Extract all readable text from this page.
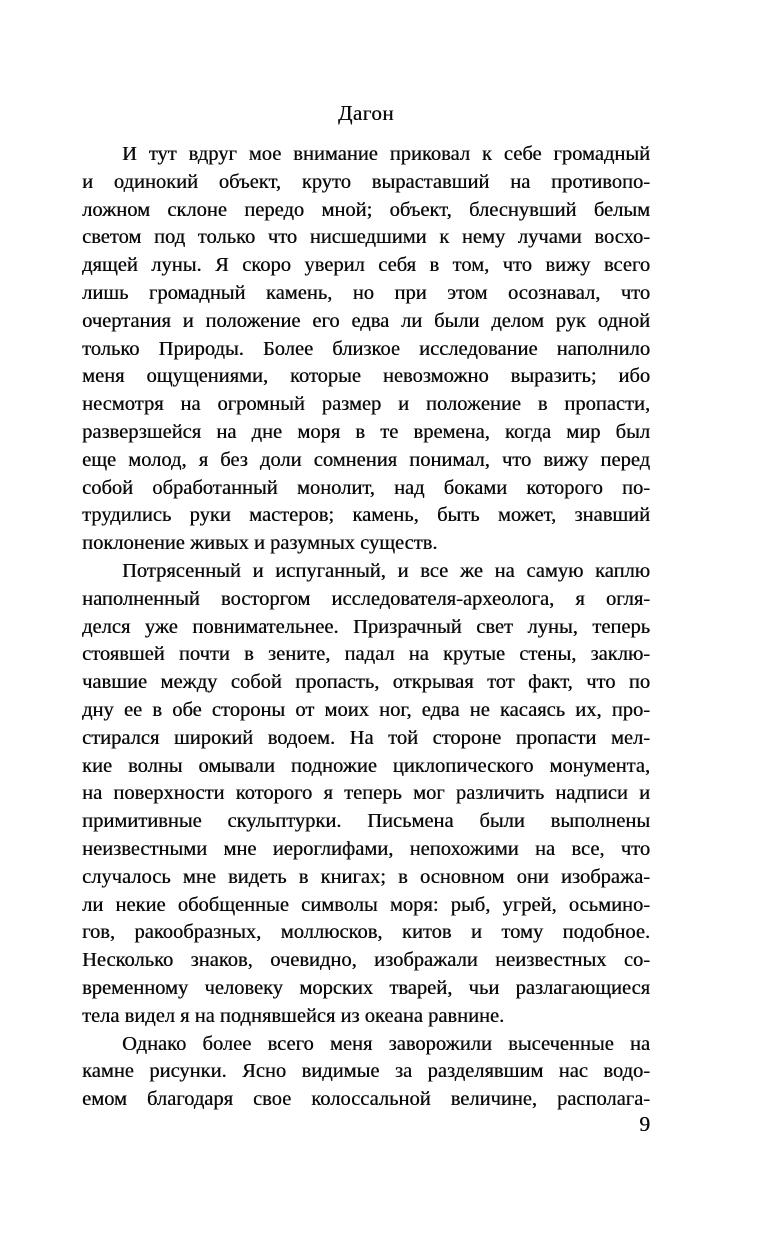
Дагон
И тут вдруг мое внимание приковал к себе громадный
и одинокий объект, круто выраставший на противопо-
ложном склоне передо мной; объект, блеснувший белым
светом под только что нисшедшими к нему лучами восхо-
дящей луны. Я скоро уверил себя в том, что вижу всего
лишь громадный камень, но при этом осознавал, что
очертания и положение его едва ли были делом рук одной
только Природы. Более близкое исследование наполнило
меня ощущениями, которые невозможно выразить; ибо
несмотря на огромный размер и положение в пропасти,
разверзшейся на дне моря в те времена, когда мир был
еще молод, я без доли сомнения понимал, что вижу перед
собой обработанный монолит, над боками которого по-
трудились руки мастеров; камень, быть может, знавший
поклонение живых и разумных существ.
Потрясенный и испуганный, и все же на самую каплю
наполненный восторгом исследователя-археолога, я огля-
делся уже повнимательнее. Призрачный свет луны, теперь
стоявшей почти в зените, падал на крутые стены, заклю-
чавшие между собой пропасть, открывая тот факт, что по
дну ее в обе стороны от моих ног, едва не касаясь их, про-
стирался широкий водоем. На той стороне пропасти мел-
кие волны омывали подножие циклопического монумента,
на поверхности которого я теперь мог различить надписи и
примитивные скульптурки. Письмена были выполнены
неизвестными мне иероглифами, непохожими на все, что
случалось мне видеть в книгах; в основном они изобража-
ли некие обобщенные символы моря: рыб, угрей, осьмино-
гов, ракообразных, моллюсков, китов и тому подобное.
Несколько знаков, очевидно, изображали неизвестных со-
временному человеку морских тварей, чьи разлагающиеся
тела видел я на поднявшейся из океана равнине.
Однако более всего меня заворожили высеченные на
камне рисунки. Ясно видимые за разделявшим нас водо-
емом благодаря свое колоссальной величине, располага-
9
